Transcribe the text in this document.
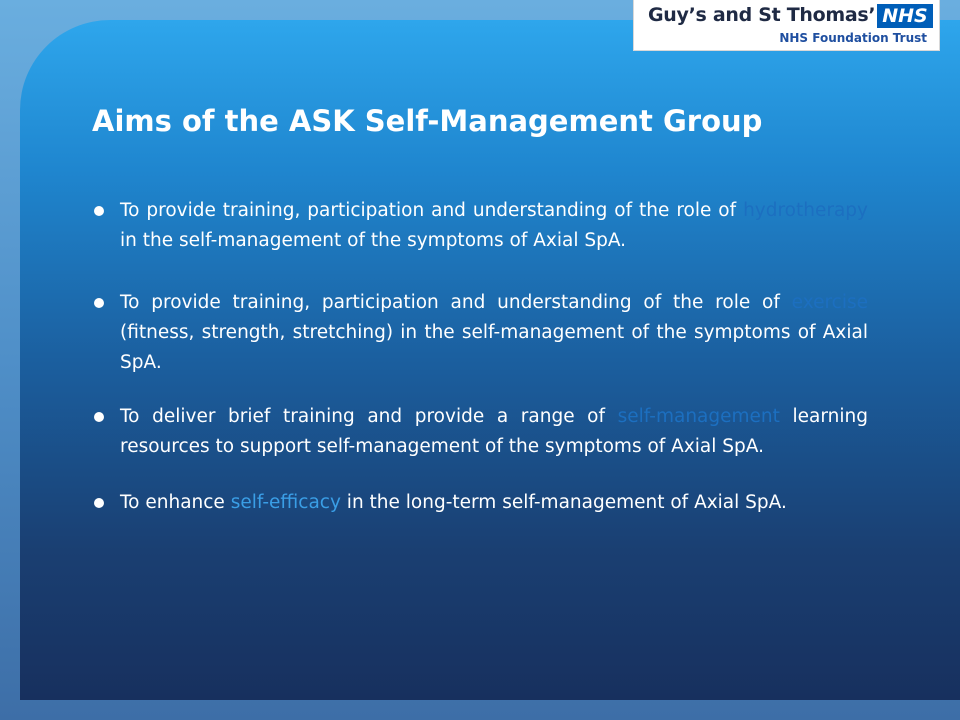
Guy’s and St Thomas’ NHS
NHS Foundation Trust
Aims of the ASK Self-Management Group
To provide training, participation and understanding of the role of hydrotherapy in the self-management of the symptoms of Axial SpA.
To provide training, participation and understanding of the role of exercise (fitness, strength, stretching) in the self-management of the symptoms of Axial SpA.
To deliver brief training and provide a range of self-management learning resources to support self-management of the symptoms of Axial SpA.
To enhance self-efficacy in the long-term self-management of Axial SpA.
